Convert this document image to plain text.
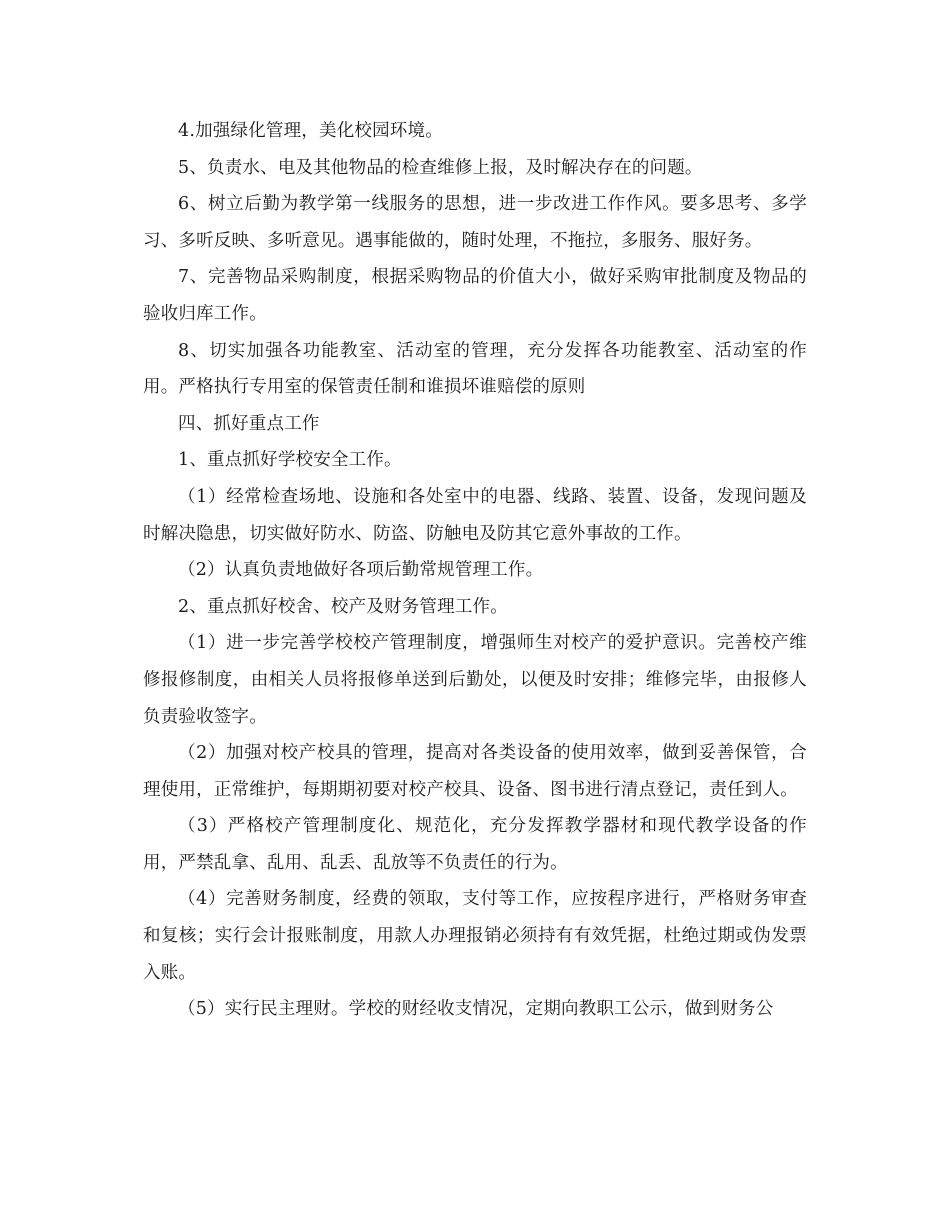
4.加强绿化管理，美化校园环境。

5、负责水、电及其他物品的检查维修上报，及时解决存在的问题。

6、树立后勤为教学第一线服务的思想，进一步改进工作作风。要多思考、多学习、多听反映、多听意见。遇事能做的，随时处理，不拖拉，多服务、服好务。

7、完善物品采购制度，根据采购物品的价值大小，做好采购审批制度及物品的验收归库工作。

8、切实加强各功能教室、活动室的管理，充分发挥各功能教室、活动室的作用。严格执行专用室的保管责任制和谁损坏谁赔偿的原则

四、抓好重点工作

1、重点抓好学校安全工作。

（1）经常检查场地、设施和各处室中的电器、线路、装置、设备，发现问题及时解决隐患，切实做好防水、防盗、防触电及防其它意外事故的工作。

（2）认真负责地做好各项后勤常规管理工作。

2、重点抓好校舍、校产及财务管理工作。

（1）进一步完善学校校产管理制度，增强师生对校产的爱护意识。完善校产维修报修制度，由相关人员将报修单送到后勤处，以便及时安排；维修完毕，由报修人负责验收签字。

（2）加强对校产校具的管理，提高对各类设备的使用效率，做到妥善保管，合理使用，正常维护，每期期初要对校产校具、设备、图书进行清点登记，责任到人。

（3）严格校产管理制度化、规范化，充分发挥教学器材和现代教学设备的作用，严禁乱拿、乱用、乱丢、乱放等不负责任的行为。

（4）完善财务制度，经费的领取，支付等工作，应按程序进行，严格财务审查和复核；实行会计报账制度，用款人办理报销必须持有有效凭据，杜绝过期或伪发票入账。

（5）实行民主理财。学校的财经收支情况，定期向教职工公示，做到财务公
